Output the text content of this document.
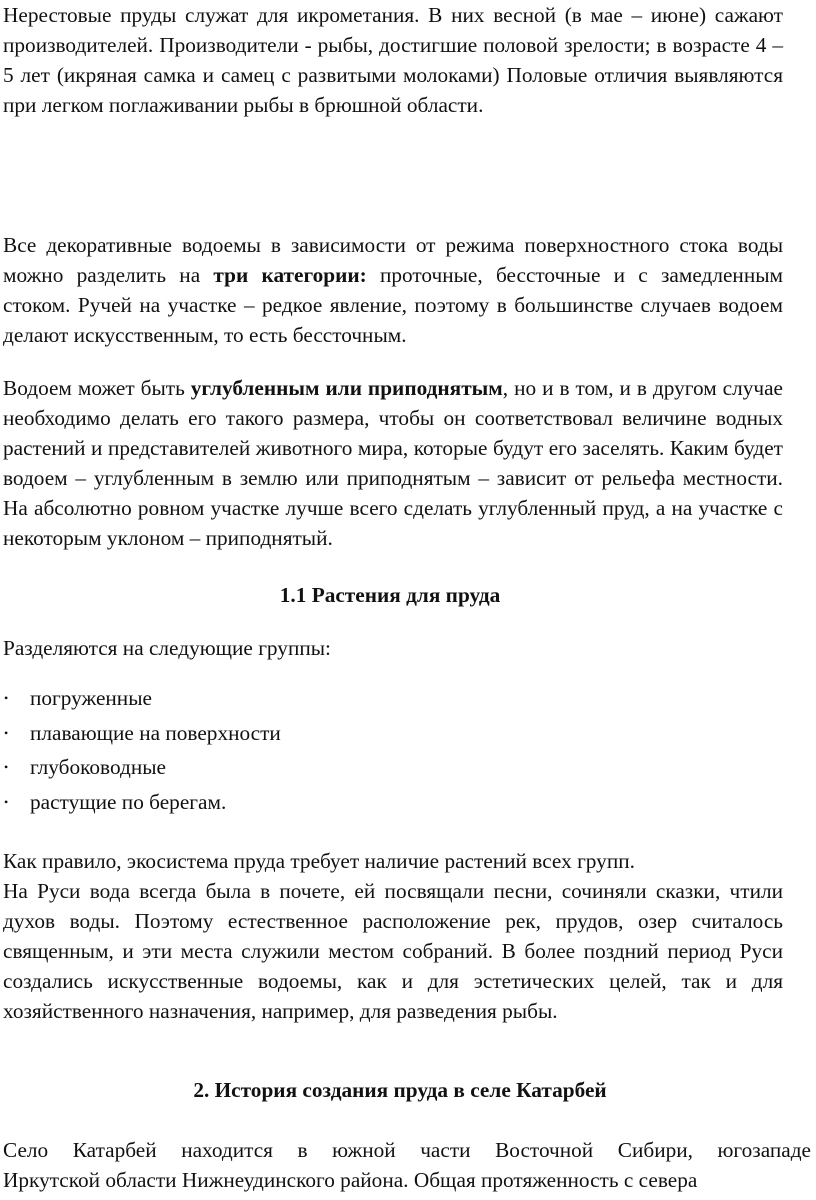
Нерестовые пруды служат для икрометания. В них весной (в мае – июне) сажают производителей. Производители - рыбы, достигшие половой зрелости; в возрасте 4 – 5 лет (икряная самка и самец с развитыми молоками) Половые отличия выявляются при легком поглаживании рыбы в брюшной области.

Все декоративные водоемы в зависимости от режима поверхностного стока воды можно разделить на три категории: проточные, бессточные и с замедленным стоком. Ручей на участке – редкое явление, поэтому в большинстве случаев водоем делают искусственным, то есть бессточным.

Водоем может быть углубленным или приподнятым, но и в том, и в другом случае необходимо делать его такого размера, чтобы он соответствовал величине водных растений и представителей животного мира, которые будут его заселять. Каким будет водоем – углубленным в землю или приподнятым – зависит от рельефа местности. На абсолютно ровном участке лучше всего сделать углубленный пруд, а на участке с некоторым уклоном – приподнятый.

1.1 Растения для пруда

Разделяются на следующие группы:

• погруженные
• плавающие на поверхности
• глубоководные
• растущие по берегам.

Как правило, экосистема пруда требует наличие растений всех групп.

На Руси вода всегда была в почете, ей посвящали песни, сочиняли сказки, чтили духов воды. Поэтому естественное расположение рек, прудов, озер считалось священным, и эти места служили местом собраний. В более поздний период Руси создались искусственные водоемы, как и для эстетических целей, так и для хозяйственного назначения, например, для разведения рыбы.

2. История создания пруда в селе Катарбей

Село Катарбей находится в южной части Восточной Сибири, югозападе

Иркутской области Нижнеудинского района. Общая протяженность с севера
